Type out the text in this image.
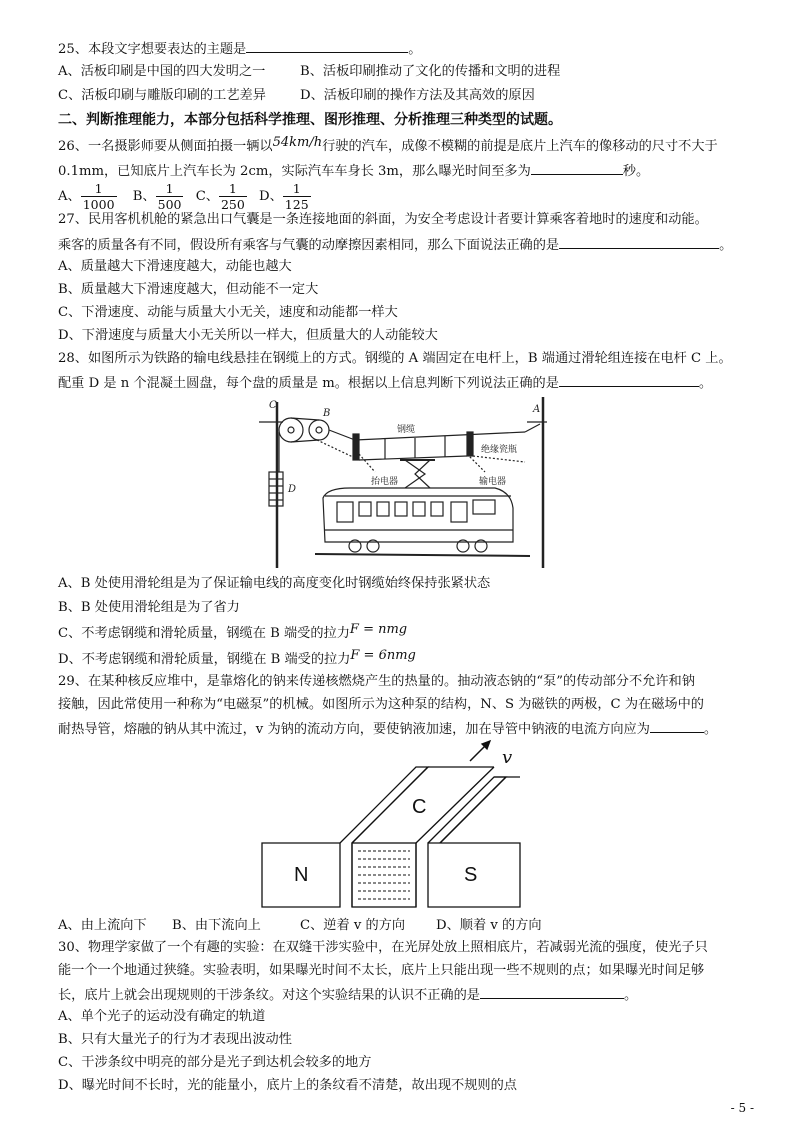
25、本段文字想要表达的主题是	。
A、活板印刷是中国的四大发明之一	B、活板印刷推动了文化的传播和文明的进程
C、活板印刷与雕版印刷的工艺差异	D、活板印刷的操作方法及其高效的原因
二、判断推理能力，本部分包括科学推理、图形推理、分析推理三种类型的试题。
26、一名摄影师要从侧面拍摄一辆以54km/h行驶的汽车，成像不模糊的前提是底片上汽车的像移动的尺寸不大于
0.1mm，已知底片上汽车长为 2cm，实际汽车车身长 3m，那么曝光时间至多为	秒。
A、 $\frac{1}{1000}$ B、 $\frac{1}{500}$ C、 $\frac{1}{250}$ D、 $\frac{1}{125}$
27、民用客机机舱的紧急出口气囊是一条连接地面的斜面，为安全考虑设计者要计算乘客着地时的速度和动能。
乘客的质量各有不同，假设所有乘客与气囊的动摩擦因素相同，那么下面说法正确的是	。
A、质量越大下滑速度越大，动能也越大
B、质量越大下滑速度越大，但动能不一定大
C、下滑速度、动能与质量大小无关，速度和动能都一样大
D、下滑速度与质量大小无关所以一样大，但质量大的人动能较大
28、如图所示为铁路的输电线悬挂在钢缆上的方式。钢缆的 A 端固定在电杆上，B 端通过滑轮组连接在电杆 C 上。
配重 D 是 n 个混凝土圆盘，每个盘的质量是 m。根据以上信息判断下列说法正确的是	。
C
B	A
D
钢缆
绝缘瓷瓶
抬电器	输电器
A、B 处使用滑轮组是为了保证输电线的高度变化时钢缆始终保持张紧状态
B、B 处使用滑轮组是为了省力
C、不考虑钢缆和滑轮质量，钢缆在 B 端受的拉力F = nmg
D、不考虑钢缆和滑轮质量，钢缆在 B 端受的拉力F = 6nmg
29、在某种核反应堆中，是靠熔化的钠来传递核燃烧产生的热量的。抽动液态钠的“泵”的传动部分不允许和钠
接触，因此常使用一种称为“电磁泵”的机械。如图所示为这种泵的结构，N、S 为磁铁的两极，C 为在磁场中的
耐热导管，熔融的钠从其中流过，v 为钠的流动方向，要使钠液加速，加在导管中钠液的电流方向应为	。
N	S
C
v
A、由上流向下 B、由下流向上	C、逆着 v 的方向 D、顺着 v 的方向
30、物理学家做了一个有趣的实验：在双缝干涉实验中，在光屏处放上照相底片，若减弱光流的强度，使光子只
能一个一个地通过狭缝。实验表明，如果曝光时间不太长，底片上只能出现一些不规则的点；如果曝光时间足够
长，底片上就会出现规则的干涉条纹。对这个实验结果的认识不正确的是	。
A、单个光子的运动没有确定的轨道
B、只有大量光子的行为才表现出波动性
C、干涉条纹中明亮的部分是光子到达机会较多的地方
D、曝光时间不长时，光的能量小，底片上的条纹看不清楚，故出现不规则的点
- 5 -
